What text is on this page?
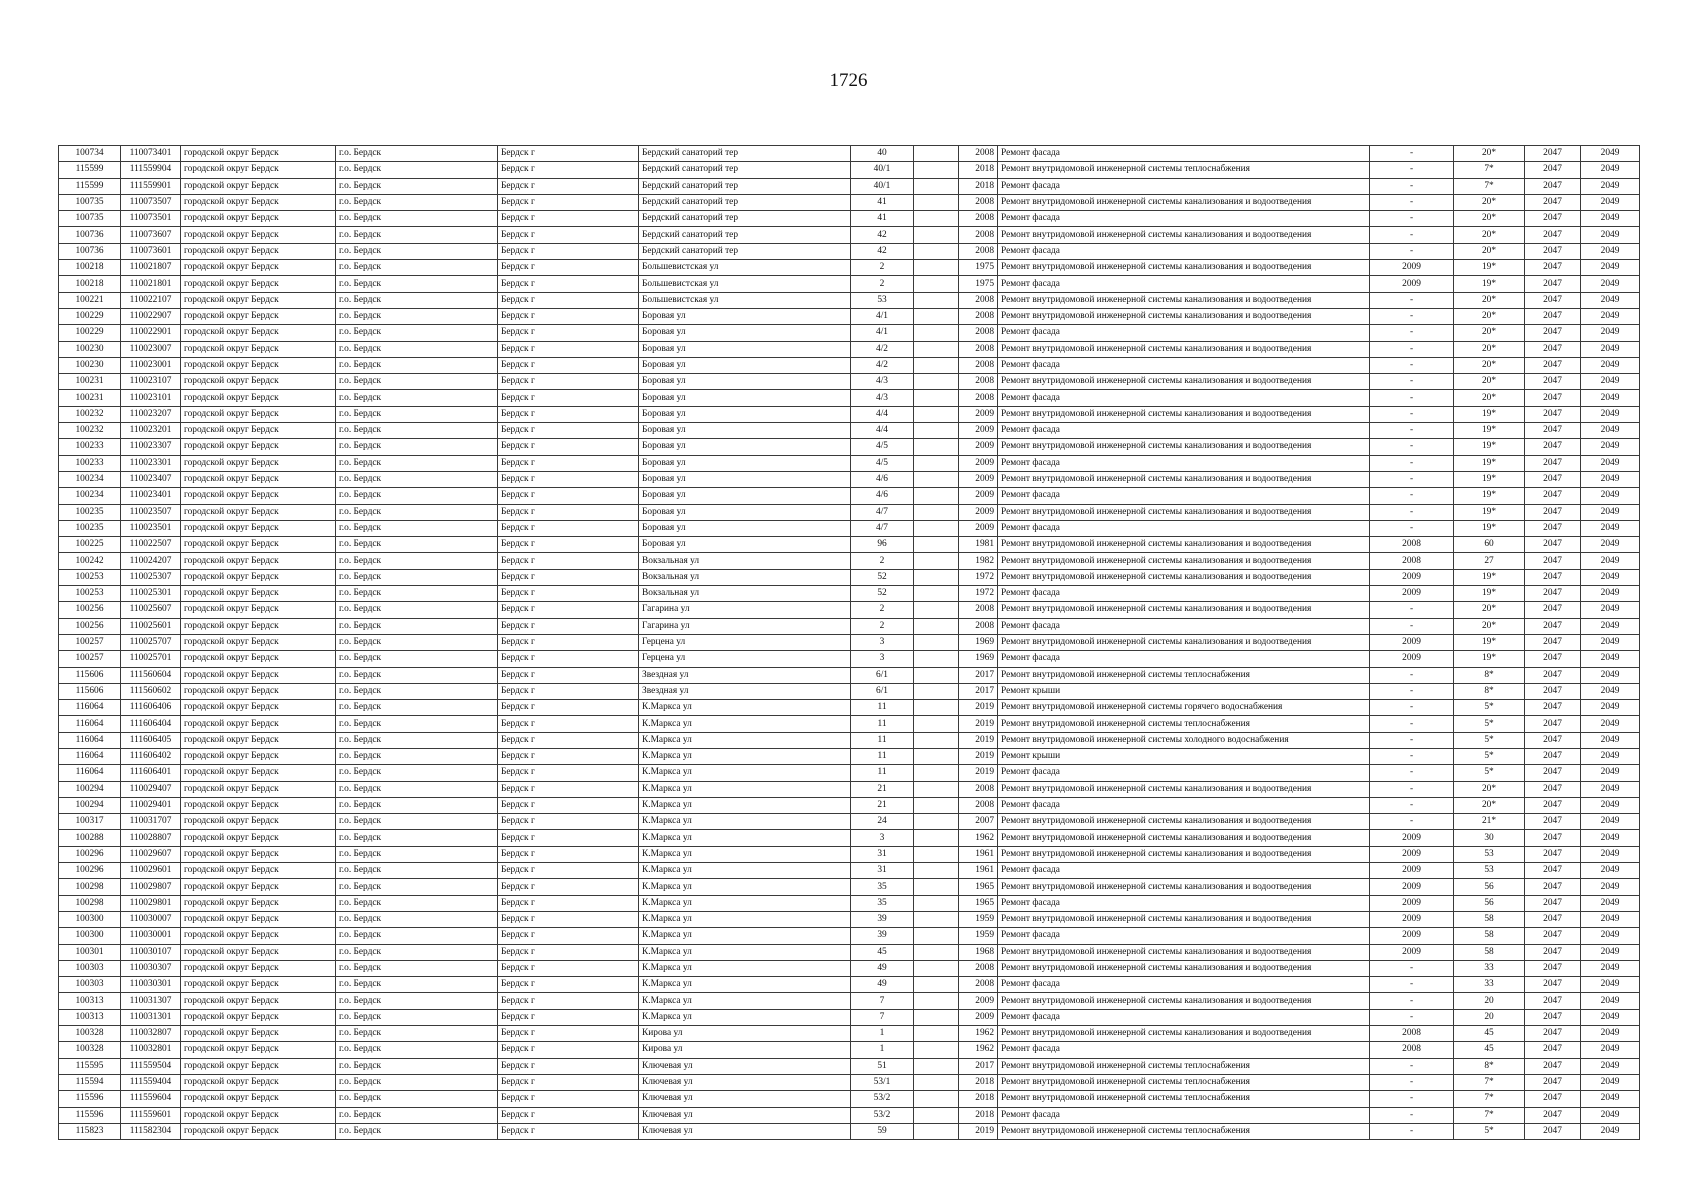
1726
100734	110073401	городской округ Бердск	г.о. Бердск	Бердск г	Бердский санаторий тер	40		2008	Ремонт фасада	-	20*	2047	2049
115599	111559904	городской округ Бердск	г.о. Бердск	Бердск г	Бердский санаторий тер	40/1		2018	Ремонт внутридомовой инженерной системы теплоснабжения	-	7*	2047	2049
115599	111559901	городской округ Бердск	г.о. Бердск	Бердск г	Бердский санаторий тер	40/1		2018	Ремонт фасада	-	7*	2047	2049
100735	110073507	городской округ Бердск	г.о. Бердск	Бердск г	Бердский санаторий тер	41		2008	Ремонт внутридомовой инженерной системы канализования и водоотведения	-	20*	2047	2049
100735	110073501	городской округ Бердск	г.о. Бердск	Бердск г	Бердский санаторий тер	41		2008	Ремонт фасада	-	20*	2047	2049
100736	110073607	городской округ Бердск	г.о. Бердск	Бердск г	Бердский санаторий тер	42		2008	Ремонт внутридомовой инженерной системы канализования и водоотведения	-	20*	2047	2049
100736	110073601	городской округ Бердск	г.о. Бердск	Бердск г	Бердский санаторий тер	42		2008	Ремонт фасада	-	20*	2047	2049
100218	110021807	городской округ Бердск	г.о. Бердск	Бердск г	Большевистская ул	2		1975	Ремонт внутридомовой инженерной системы канализования и водоотведения	2009	19*	2047	2049
100218	110021801	городской округ Бердск	г.о. Бердск	Бердск г	Большевистская ул	2		1975	Ремонт фасада	2009	19*	2047	2049
100221	110022107	городской округ Бердск	г.о. Бердск	Бердск г	Большевистская ул	53		2008	Ремонт внутридомовой инженерной системы канализования и водоотведения	-	20*	2047	2049
100229	110022907	городской округ Бердск	г.о. Бердск	Бердск г	Боровая ул	4/1		2008	Ремонт внутридомовой инженерной системы канализования и водоотведения	-	20*	2047	2049
100229	110022901	городской округ Бердск	г.о. Бердск	Бердск г	Боровая ул	4/1		2008	Ремонт фасада	-	20*	2047	2049
100230	110023007	городской округ Бердск	г.о. Бердск	Бердск г	Боровая ул	4/2		2008	Ремонт внутридомовой инженерной системы канализования и водоотведения	-	20*	2047	2049
100230	110023001	городской округ Бердск	г.о. Бердск	Бердск г	Боровая ул	4/2		2008	Ремонт фасада	-	20*	2047	2049
100231	110023107	городской округ Бердск	г.о. Бердск	Бердск г	Боровая ул	4/3		2008	Ремонт внутридомовой инженерной системы канализования и водоотведения	-	20*	2047	2049
100231	110023101	городской округ Бердск	г.о. Бердск	Бердск г	Боровая ул	4/3		2008	Ремонт фасада	-	20*	2047	2049
100232	110023207	городской округ Бердск	г.о. Бердск	Бердск г	Боровая ул	4/4		2009	Ремонт внутридомовой инженерной системы канализования и водоотведения	-	19*	2047	2049
100232	110023201	городской округ Бердск	г.о. Бердск	Бердск г	Боровая ул	4/4		2009	Ремонт фасада	-	19*	2047	2049
100233	110023307	городской округ Бердск	г.о. Бердск	Бердск г	Боровая ул	4/5		2009	Ремонт внутридомовой инженерной системы канализования и водоотведения	-	19*	2047	2049
100233	110023301	городской округ Бердск	г.о. Бердск	Бердск г	Боровая ул	4/5		2009	Ремонт фасада	-	19*	2047	2049
100234	110023407	городской округ Бердск	г.о. Бердск	Бердск г	Боровая ул	4/6		2009	Ремонт внутридомовой инженерной системы канализования и водоотведения	-	19*	2047	2049
100234	110023401	городской округ Бердск	г.о. Бердск	Бердск г	Боровая ул	4/6		2009	Ремонт фасада	-	19*	2047	2049
100235	110023507	городской округ Бердск	г.о. Бердск	Бердск г	Боровая ул	4/7		2009	Ремонт внутридомовой инженерной системы канализования и водоотведения	-	19*	2047	2049
100235	110023501	городской округ Бердск	г.о. Бердск	Бердск г	Боровая ул	4/7		2009	Ремонт фасада	-	19*	2047	2049
100225	110022507	городской округ Бердск	г.о. Бердск	Бердск г	Боровая ул	96		1981	Ремонт внутридомовой инженерной системы канализования и водоотведения	2008	60	2047	2049
100242	110024207	городской округ Бердск	г.о. Бердск	Бердск г	Вокзальная ул	2		1982	Ремонт внутридомовой инженерной системы канализования и водоотведения	2008	27	2047	2049
100253	110025307	городской округ Бердск	г.о. Бердск	Бердск г	Вокзальная ул	52		1972	Ремонт внутридомовой инженерной системы канализования и водоотведения	2009	19*	2047	2049
100253	110025301	городской округ Бердск	г.о. Бердск	Бердск г	Вокзальная ул	52		1972	Ремонт фасада	2009	19*	2047	2049
100256	110025607	городской округ Бердск	г.о. Бердск	Бердск г	Гагарина ул	2		2008	Ремонт внутридомовой инженерной системы канализования и водоотведения	-	20*	2047	2049
100256	110025601	городской округ Бердск	г.о. Бердск	Бердск г	Гагарина ул	2		2008	Ремонт фасада	-	20*	2047	2049
100257	110025707	городской округ Бердск	г.о. Бердск	Бердск г	Герцена ул	3		1969	Ремонт внутридомовой инженерной системы канализования и водоотведения	2009	19*	2047	2049
100257	110025701	городской округ Бердск	г.о. Бердск	Бердск г	Герцена ул	3		1969	Ремонт фасада	2009	19*	2047	2049
115606	111560604	городской округ Бердск	г.о. Бердск	Бердск г	Звездная ул	6/1		2017	Ремонт внутридомовой инженерной системы теплоснабжения	-	8*	2047	2049
115606	111560602	городской округ Бердск	г.о. Бердск	Бердск г	Звездная ул	6/1		2017	Ремонт крыши	-	8*	2047	2049
116064	111606406	городской округ Бердск	г.о. Бердск	Бердск г	К.Маркса ул	11		2019	Ремонт внутридомовой инженерной системы горячего водоснабжения	-	5*	2047	2049
116064	111606404	городской округ Бердск	г.о. Бердск	Бердск г	К.Маркса ул	11		2019	Ремонт внутридомовой инженерной системы теплоснабжения	-	5*	2047	2049
116064	111606405	городской округ Бердск	г.о. Бердск	Бердск г	К.Маркса ул	11		2019	Ремонт внутридомовой инженерной системы холодного водоснабжения	-	5*	2047	2049
116064	111606402	городской округ Бердск	г.о. Бердск	Бердск г	К.Маркса ул	11		2019	Ремонт крыши	-	5*	2047	2049
116064	111606401	городской округ Бердск	г.о. Бердск	Бердск г	К.Маркса ул	11		2019	Ремонт фасада	-	5*	2047	2049
100294	110029407	городской округ Бердск	г.о. Бердск	Бердск г	К.Маркса ул	21		2008	Ремонт внутридомовой инженерной системы канализования и водоотведения	-	20*	2047	2049
100294	110029401	городской округ Бердск	г.о. Бердск	Бердск г	К.Маркса ул	21		2008	Ремонт фасада	-	20*	2047	2049
100317	110031707	городской округ Бердск	г.о. Бердск	Бердск г	К.Маркса ул	24		2007	Ремонт внутридомовой инженерной системы канализования и водоотведения	-	21*	2047	2049
100288	110028807	городской округ Бердск	г.о. Бердск	Бердск г	К.Маркса ул	3		1962	Ремонт внутридомовой инженерной системы канализования и водоотведения	2009	30	2047	2049
100296	110029607	городской округ Бердск	г.о. Бердск	Бердск г	К.Маркса ул	31		1961	Ремонт внутридомовой инженерной системы канализования и водоотведения	2009	53	2047	2049
100296	110029601	городской округ Бердск	г.о. Бердск	Бердск г	К.Маркса ул	31		1961	Ремонт фасада	2009	53	2047	2049
100298	110029807	городской округ Бердск	г.о. Бердск	Бердск г	К.Маркса ул	35		1965	Ремонт внутридомовой инженерной системы канализования и водоотведения	2009	56	2047	2049
100298	110029801	городской округ Бердск	г.о. Бердск	Бердск г	К.Маркса ул	35		1965	Ремонт фасада	2009	56	2047	2049
100300	110030007	городской округ Бердск	г.о. Бердск	Бердск г	К.Маркса ул	39		1959	Ремонт внутридомовой инженерной системы канализования и водоотведения	2009	58	2047	2049
100300	110030001	городской округ Бердск	г.о. Бердск	Бердск г	К.Маркса ул	39		1959	Ремонт фасада	2009	58	2047	2049
100301	110030107	городской округ Бердск	г.о. Бердск	Бердск г	К.Маркса ул	45		1968	Ремонт внутридомовой инженерной системы канализования и водоотведения	2009	58	2047	2049
100303	110030307	городской округ Бердск	г.о. Бердск	Бердск г	К.Маркса ул	49		2008	Ремонт внутридомовой инженерной системы канализования и водоотведения	-	33	2047	2049
100303	110030301	городской округ Бердск	г.о. Бердск	Бердск г	К.Маркса ул	49		2008	Ремонт фасада	-	33	2047	2049
100313	110031307	городской округ Бердск	г.о. Бердск	Бердск г	К.Маркса ул	7		2009	Ремонт внутридомовой инженерной системы канализования и водоотведения	-	20	2047	2049
100313	110031301	городской округ Бердск	г.о. Бердск	Бердск г	К.Маркса ул	7		2009	Ремонт фасада	-	20	2047	2049
100328	110032807	городской округ Бердск	г.о. Бердск	Бердск г	Кирова ул	1		1962	Ремонт внутридомовой инженерной системы канализования и водоотведения	2008	45	2047	2049
100328	110032801	городской округ Бердск	г.о. Бердск	Бердск г	Кирова ул	1		1962	Ремонт фасада	2008	45	2047	2049
115595	111559504	городской округ Бердск	г.о. Бердск	Бердск г	Ключевая ул	51		2017	Ремонт внутридомовой инженерной системы теплоснабжения	-	8*	2047	2049
115594	111559404	городской округ Бердск	г.о. Бердск	Бердск г	Ключевая ул	53/1		2018	Ремонт внутридомовой инженерной системы теплоснабжения	-	7*	2047	2049
115596	111559604	городской округ Бердск	г.о. Бердск	Бердск г	Ключевая ул	53/2		2018	Ремонт внутридомовой инженерной системы теплоснабжения	-	7*	2047	2049
115596	111559601	городской округ Бердск	г.о. Бердск	Бердск г	Ключевая ул	53/2		2018	Ремонт фасада	-	7*	2047	2049
115823	111582304	городской округ Бердск	г.о. Бердск	Бердск г	Ключевая ул	59		2019	Ремонт внутридомовой инженерной системы теплоснабжения	-	5*	2047	2049
